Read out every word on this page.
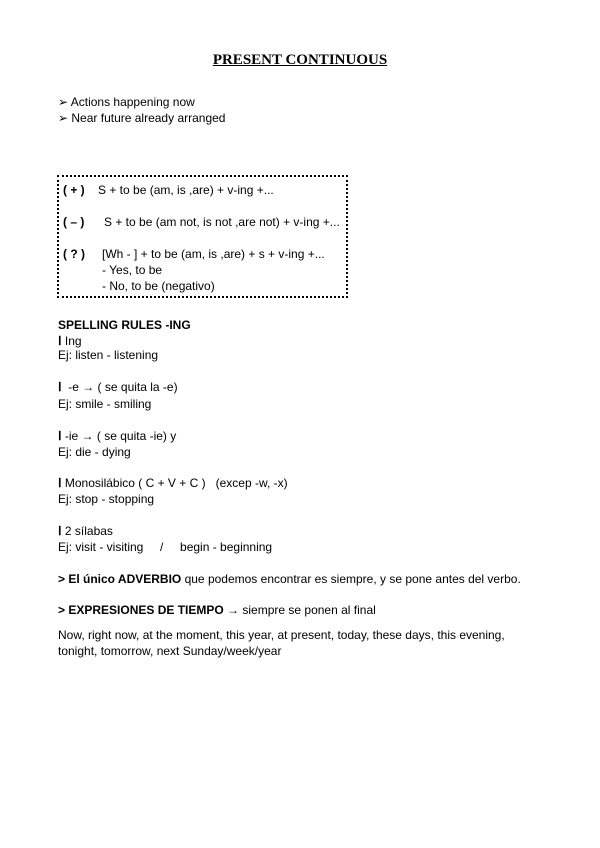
PRESENT CONTINUOUS
➢ Actions happening now
➢ Near future already arranged
( + ) S + to be (am, is ,are) + v-ing +...
( – ) S + to be (am not, is not ,are not) + v-ing +...
( ? ) [Wh - ] + to be (am, is ,are) + s + v-ing +...
- Yes, to be
- No, to be (negativo)
SPELLING RULES -ING
Ⅰ Ing
Ej: listen - listening
Ⅰ -e → ( se quita la -e)
Ej: smile - smiling
Ⅰ -ie → ( se quita -ie) y
Ej: die - dying
Ⅰ Monosilábico ( C + V + C )   (excep -w, -x)
Ej: stop - stopping
Ⅰ 2 sílabas
Ej: visit - visiting     /     begin - beginning
> El único ADVERBIO que podemos encontrar es siempre, y se pone antes del verbo.
> EXPRESIONES DE TIEMPO → siempre se ponen al final
Now, right now, at the moment, this year, at present, today, these days, this evening,
tonight, tomorrow, next Sunday/week/year
